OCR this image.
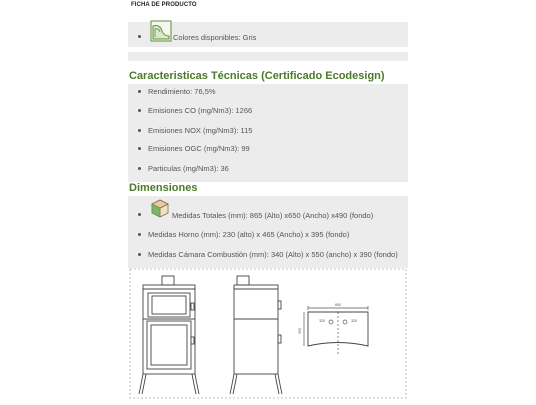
FICHA DE PRODUCTO
Colores disponibles: Gris
Caracteristicas Técnicas (Certificado Ecodesign)
Rendimiento: 76,5%
Emisiones CO (mg/Nm3): 1266
Emisiones NOX (mg/Nm3): 115
Emisiones OGC (mg/Nm3): 99
Particulas (mg/Nm3): 36
Dimensiones
Medidas Totales (mm): 865 (Alto) x650 (Ancho) x490 (fondo)
Medidas Horno (mm): 230 (alto) x 465 (Ancho) x 395 (fondo)
Medidas Cámara Combustión (mm): 340 (Alto) x 550 (ancho) x 390 (fondo)
650
325	325
490
